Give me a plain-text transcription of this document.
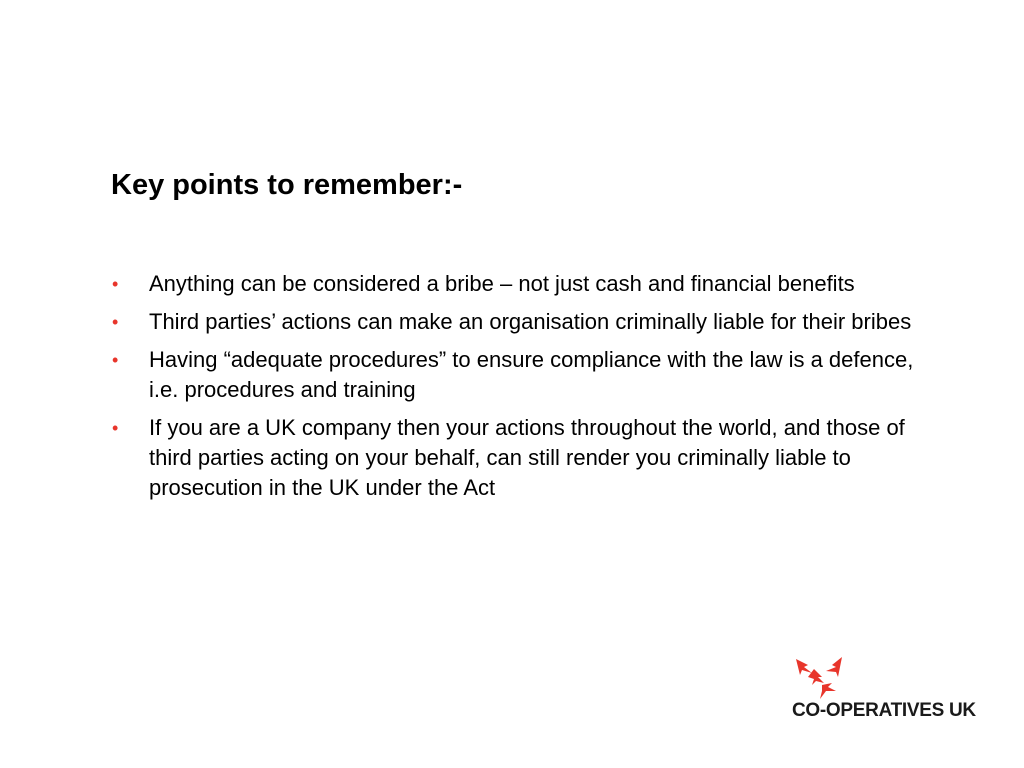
Key points to remember:-
• Anything can be considered a bribe – not just cash and financial benefits
• Third parties’ actions can make an organisation criminally liable for their bribes
• Having “adequate procedures” to ensure compliance with the law is a defence, i.e. procedures and training
• If you are a UK company then your actions throughout the world, and those of third parties acting on your behalf, can still render you criminally liable to prosecution in the UK under the Act
CO-OPERATIVES UK
